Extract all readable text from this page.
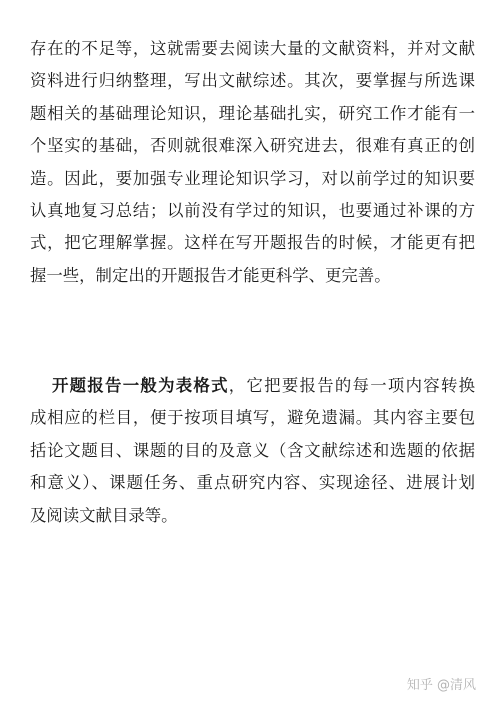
存在的不足等，这就需要去阅读大量的文献资料，并对文献
资料进行归纳整理，写出文献综述。其次，要掌握与所选课
题相关的基础理论知识，理论基础扎实，研究工作才能有一
个坚实的基础，否则就很难深入研究进去，很难有真正的创
造。因此，要加强专业理论知识学习，对以前学过的知识要
认真地复习总结；以前没有学过的知识，也要通过补课的方
式，把它理解掌握。这样在写开题报告的时候，才能更有把
握一些，制定出的开题报告才能更科学、更完善。

开题报告一般为表格式，它把要报告的每一项内容转换
成相应的栏目，便于按项目填写，避免遗漏。其内容主要包
括论文题目、课题的目的及意义（含文献综述和选题的依据
和意义）、课题任务、重点研究内容、实现途径、进展计划
及阅读文献目录等。

知乎 @清风
